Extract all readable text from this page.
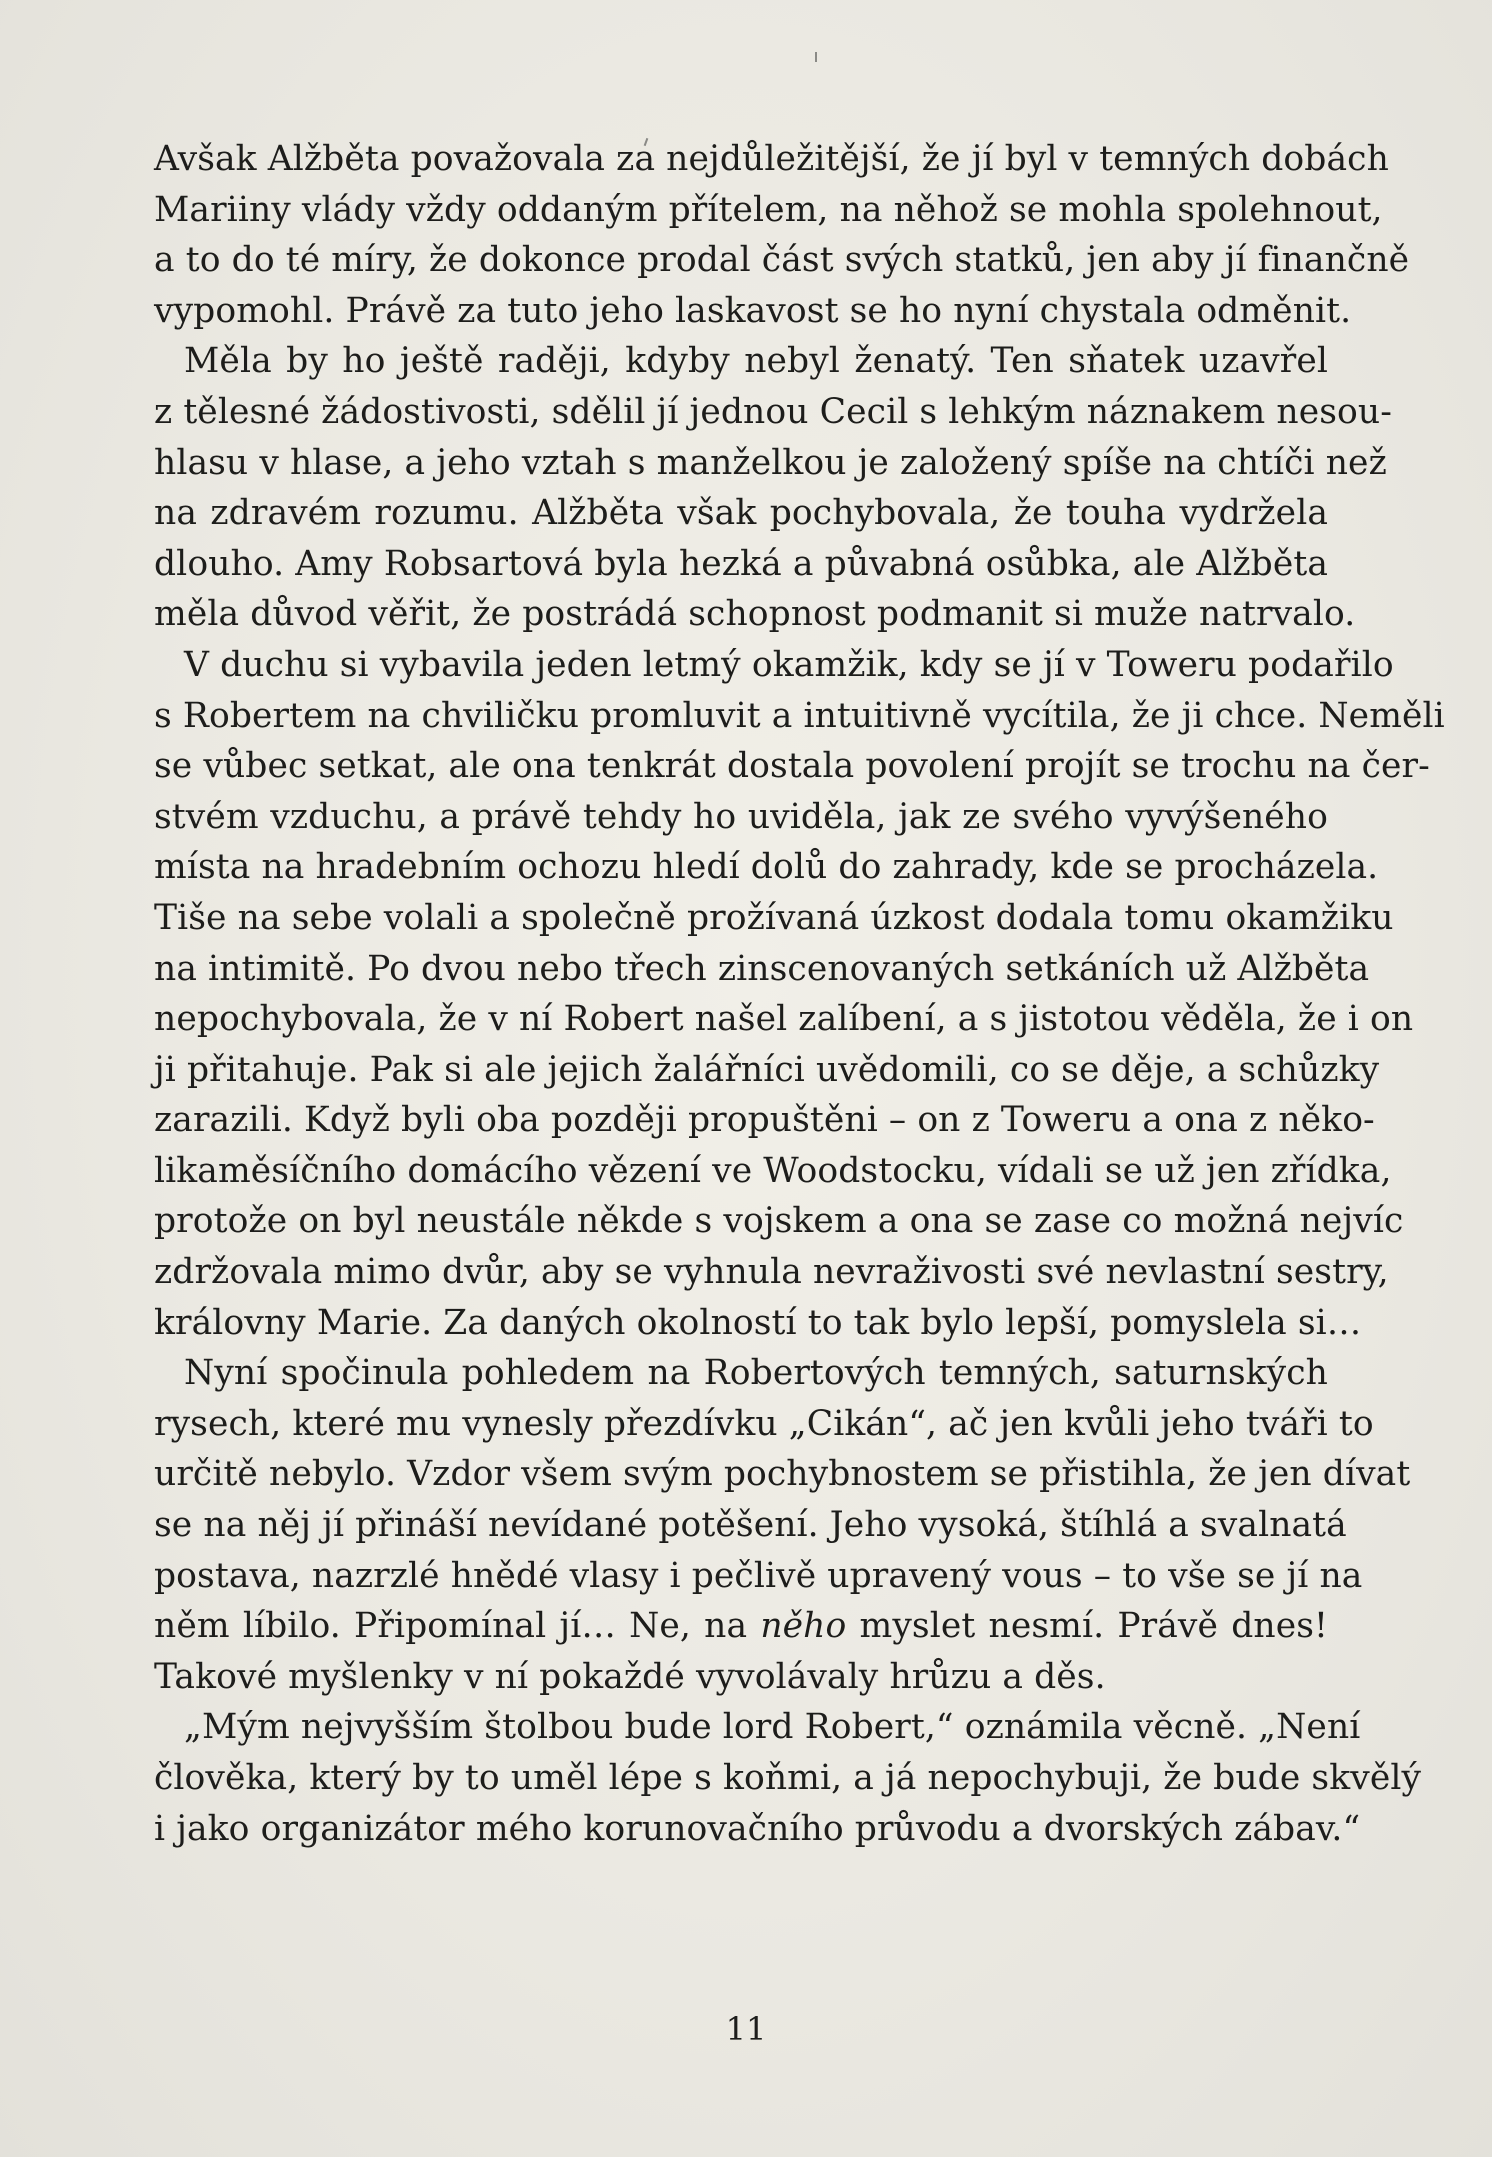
Avšak Alžběta považovala za nejdůležitější, že jí byl v temných dobách
Mariiny vlády vždy oddaným přítelem, na něhož se mohla spolehnout,
a to do té míry, že dokonce prodal část svých statků, jen aby jí finančně
vypomohl. Právě za tuto jeho laskavost se ho nyní chystala odměnit.

Měla by ho ještě raději, kdyby nebyl ženatý. Ten sňatek uzavřel
z tělesné žádostivosti, sdělil jí jednou Cecil s lehkým náznakem nesou-
hlasu v hlase, a jeho vztah s manželkou je založený spíše na chtíči než
na zdravém rozumu. Alžběta však pochybovala, že touha vydržela
dlouho. Amy Robsartová byla hezká a půvabná osůbka, ale Alžběta
měla důvod věřit, že postrádá schopnost podmanit si muže natrvalo.

V duchu si vybavila jeden letmý okamžik, kdy se jí v Toweru podařilo
s Robertem na chviličku promluvit a intuitivně vycítila, že ji chce. Neměli
se vůbec setkat, ale ona tenkrát dostala povolení projít se trochu na čer-
stvém vzduchu, a právě tehdy ho uviděla, jak ze svého vyvýšeného
místa na hradebním ochozu hledí dolů do zahrady, kde se procházela.
Tiše na sebe volali a společně prožívaná úzkost dodala tomu okamžiku
na intimitě. Po dvou nebo třech zinscenovaných setkáních už Alžběta
nepochybovala, že v ní Robert našel zalíbení, a s jistotou věděla, že i on
ji přitahuje. Pak si ale jejich žalářníci uvědomili, co se děje, a schůzky
zarazili. Když byli oba později propuštěni – on z Toweru a ona z něko-
likaměsíčního domácího vězení ve Woodstocku, vídali se už jen zřídka,
protože on byl neustále někde s vojskem a ona se zase co možná nejvíc
zdržovala mimo dvůr, aby se vyhnula nevraživosti své nevlastní sestry,
královny Marie. Za daných okolností to tak bylo lepší, pomyslela si…

Nyní spočinula pohledem na Robertových temných, saturnských
rysech, které mu vynesly přezdívku „Cikán“, ač jen kvůli jeho tváři to
určitě nebylo. Vzdor všem svým pochybnostem se přistihla, že jen dívat
se na něj jí přináší nevídané potěšení. Jeho vysoká, štíhlá a svalnatá
postava, nazrzlé hnědé vlasy i pečlivě upravený vous – to vše se jí na
něm líbilo. Připomínal jí… Ne, na něho myslet nesmí. Právě dnes!
Takové myšlenky v ní pokaždé vyvolávaly hrůzu a děs.

„Mým nejvyšším štolbou bude lord Robert,“ oznámila věcně. „Není
člověka, který by to uměl lépe s koňmi, a já nepochybuji, že bude skvělý
i jako organizátor mého korunovačního průvodu a dvorských zábav.“

11
